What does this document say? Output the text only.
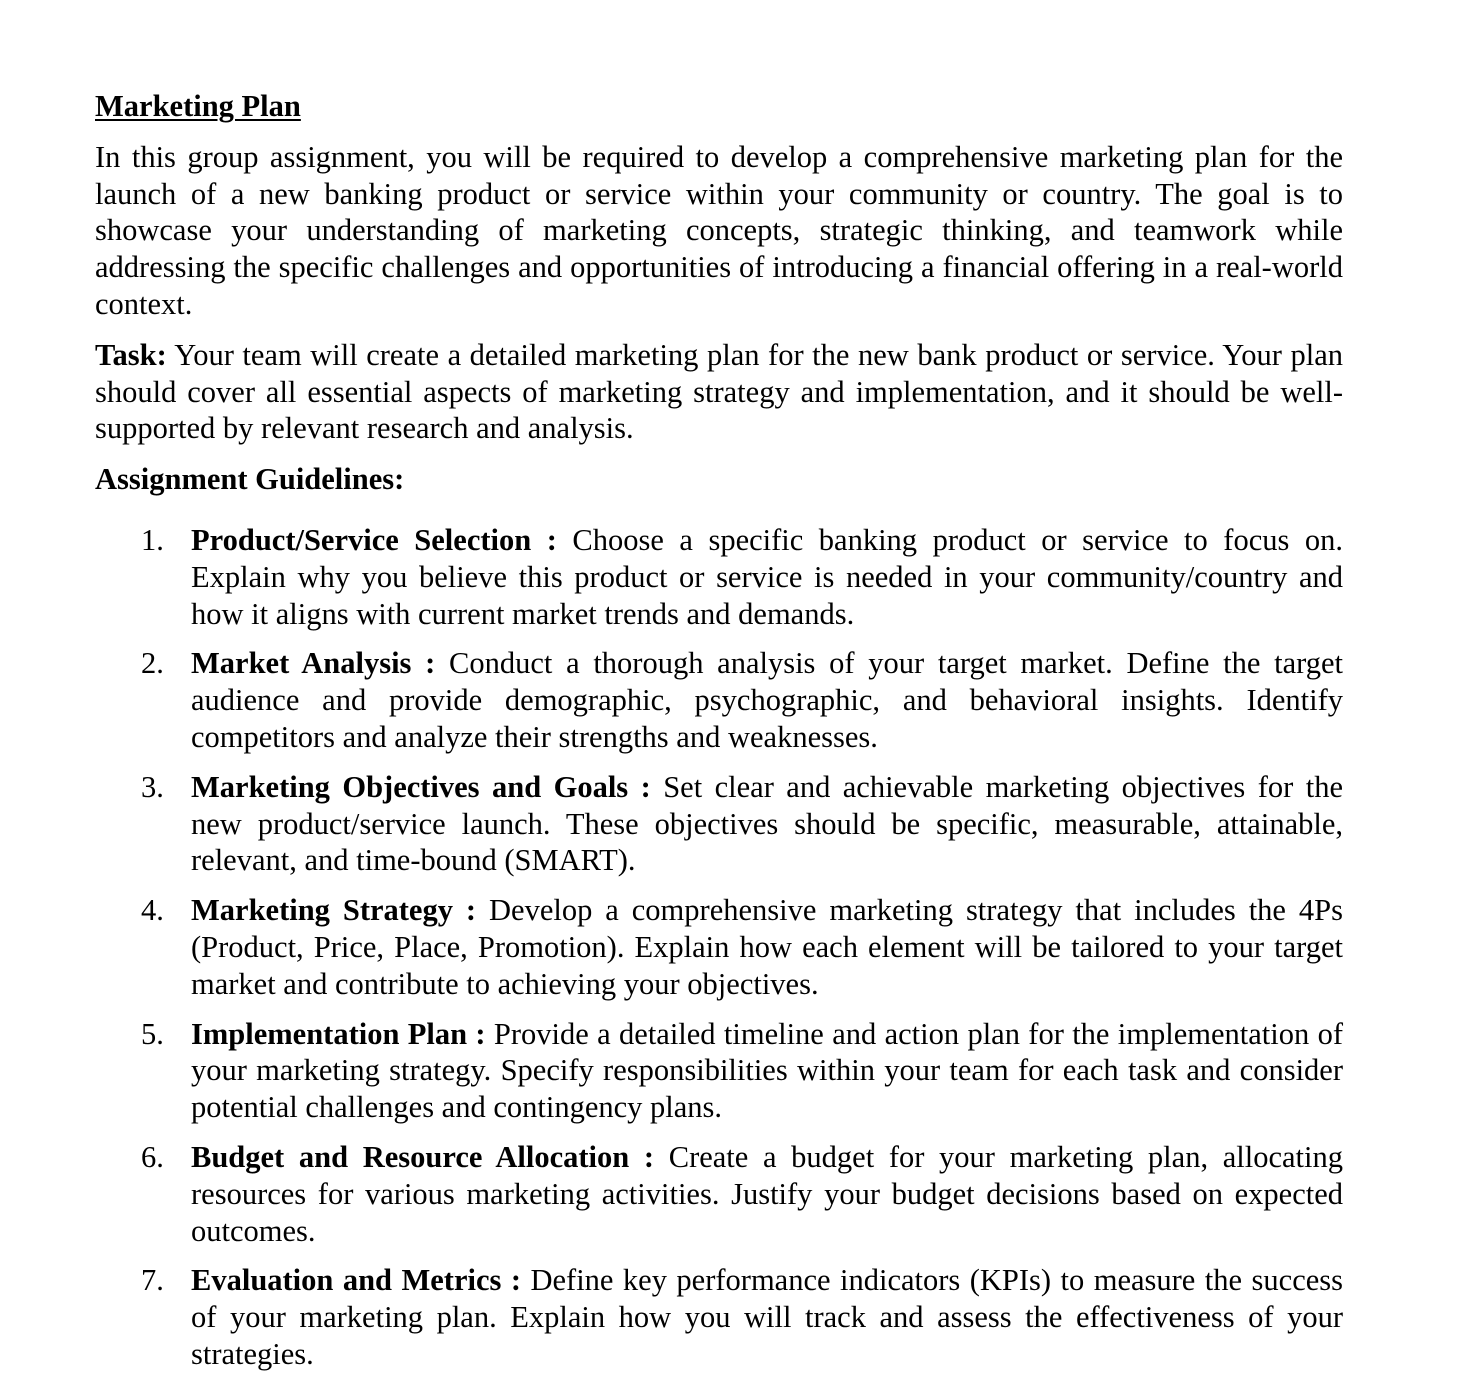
Marketing Plan

In this group assignment, you will be required to develop a comprehensive marketing plan for the launch of a new banking product or service within your community or country. The goal is to showcase your understanding of marketing concepts, strategic thinking, and teamwork while addressing the specific challenges and opportunities of introducing a financial offering in a real-world context.

Task: Your team will create a detailed marketing plan for the new bank product or service. Your plan should cover all essential aspects of marketing strategy and implementation, and it should be well-supported by relevant research and analysis.

Assignment Guidelines:

1. Product/Service Selection : Choose a specific banking product or service to focus on. Explain why you believe this product or service is needed in your community/country and how it aligns with current market trends and demands.
2. Market Analysis : Conduct a thorough analysis of your target market. Define the target audience and provide demographic, psychographic, and behavioral insights. Identify competitors and analyze their strengths and weaknesses.
3. Marketing Objectives and Goals : Set clear and achievable marketing objectives for the new product/service launch. These objectives should be specific, measurable, attainable, relevant, and time-bound (SMART).
4. Marketing Strategy : Develop a comprehensive marketing strategy that includes the 4Ps (Product, Price, Place, Promotion). Explain how each element will be tailored to your target market and contribute to achieving your objectives.
5. Implementation Plan : Provide a detailed timeline and action plan for the implementation of your marketing strategy. Specify responsibilities within your team for each task and consider potential challenges and contingency plans.
6. Budget and Resource Allocation : Create a budget for your marketing plan, allocating resources for various marketing activities. Justify your budget decisions based on expected outcomes.
7. Evaluation and Metrics : Define key performance indicators (KPIs) to measure the success of your marketing plan. Explain how you will track and assess the effectiveness of your strategies.
